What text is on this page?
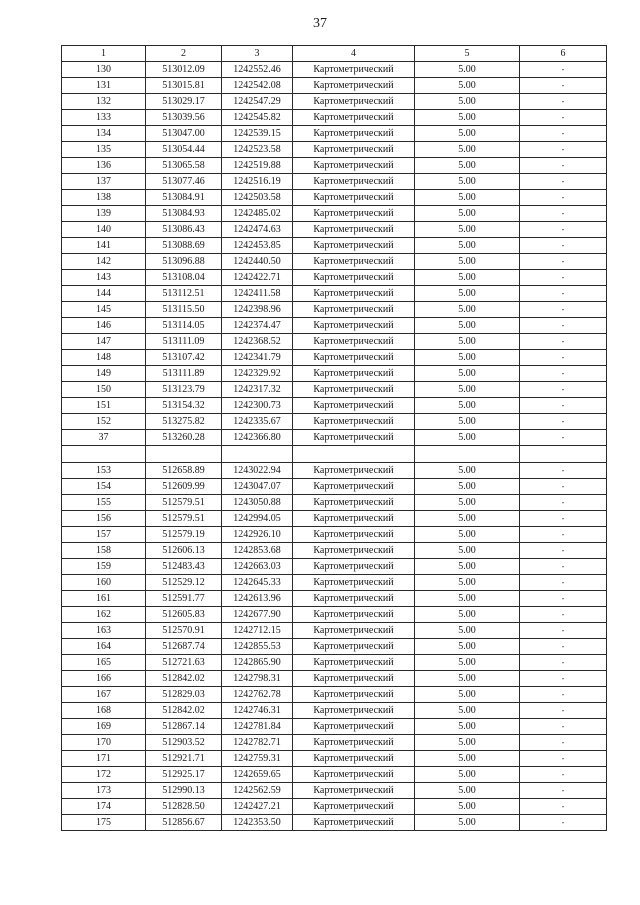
37
1	2	3	4	5	6
130	513012.09	1242552.46	Картометрический	5.00	-
131	513015.81	1242542.08	Картометрический	5.00	-
132	513029.17	1242547.29	Картометрический	5.00	-
133	513039.56	1242545.82	Картометрический	5.00	-
134	513047.00	1242539.15	Картометрический	5.00	-
135	513054.44	1242523.58	Картометрический	5.00	-
136	513065.58	1242519.88	Картометрический	5.00	-
137	513077.46	1242516.19	Картометрический	5.00	-
138	513084.91	1242503.58	Картометрический	5.00	-
139	513084.93	1242485.02	Картометрический	5.00	-
140	513086.43	1242474.63	Картометрический	5.00	-
141	513088.69	1242453.85	Картометрический	5.00	-
142	513096.88	1242440.50	Картометрический	5.00	-
143	513108.04	1242422.71	Картометрический	5.00	-
144	513112.51	1242411.58	Картометрический	5.00	-
145	513115.50	1242398.96	Картометрический	5.00	-
146	513114.05	1242374.47	Картометрический	5.00	-
147	513111.09	1242368.52	Картометрический	5.00	-
148	513107.42	1242341.79	Картометрический	5.00	-
149	513111.89	1242329.92	Картометрический	5.00	-
150	513123.79	1242317.32	Картометрический	5.00	-
151	513154.32	1242300.73	Картометрический	5.00	-
152	513275.82	1242335.67	Картометрический	5.00	-
37	513260.28	1242366.80	Картометрический	5.00	-

153	512658.89	1243022.94	Картометрический	5.00	-
154	512609.99	1243047.07	Картометрический	5.00	-
155	512579.51	1243050.88	Картометрический	5.00	-
156	512579.51	1242994.05	Картометрический	5.00	-
157	512579.19	1242926.10	Картометрический	5.00	-
158	512606.13	1242853.68	Картометрический	5.00	-
159	512483.43	1242663.03	Картометрический	5.00	-
160	512529.12	1242645.33	Картометрический	5.00	-
161	512591.77	1242613.96	Картометрический	5.00	-
162	512605.83	1242677.90	Картометрический	5.00	-
163	512570.91	1242712.15	Картометрический	5.00	-
164	512687.74	1242855.53	Картометрический	5.00	-
165	512721.63	1242865.90	Картометрический	5.00	-
166	512842.02	1242798.31	Картометрический	5.00	-
167	512829.03	1242762.78	Картометрический	5.00	-
168	512842.02	1242746.31	Картометрический	5.00	-
169	512867.14	1242781.84	Картометрический	5.00	-
170	512903.52	1242782.71	Картометрический	5.00	-
171	512921.71	1242759.31	Картометрический	5.00	-
172	512925.17	1242659.65	Картометрический	5.00	-
173	512990.13	1242562.59	Картометрический	5.00	-
174	512828.50	1242427.21	Картометрический	5.00	-
175	512856.67	1242353.50	Картометрический	5.00	-
